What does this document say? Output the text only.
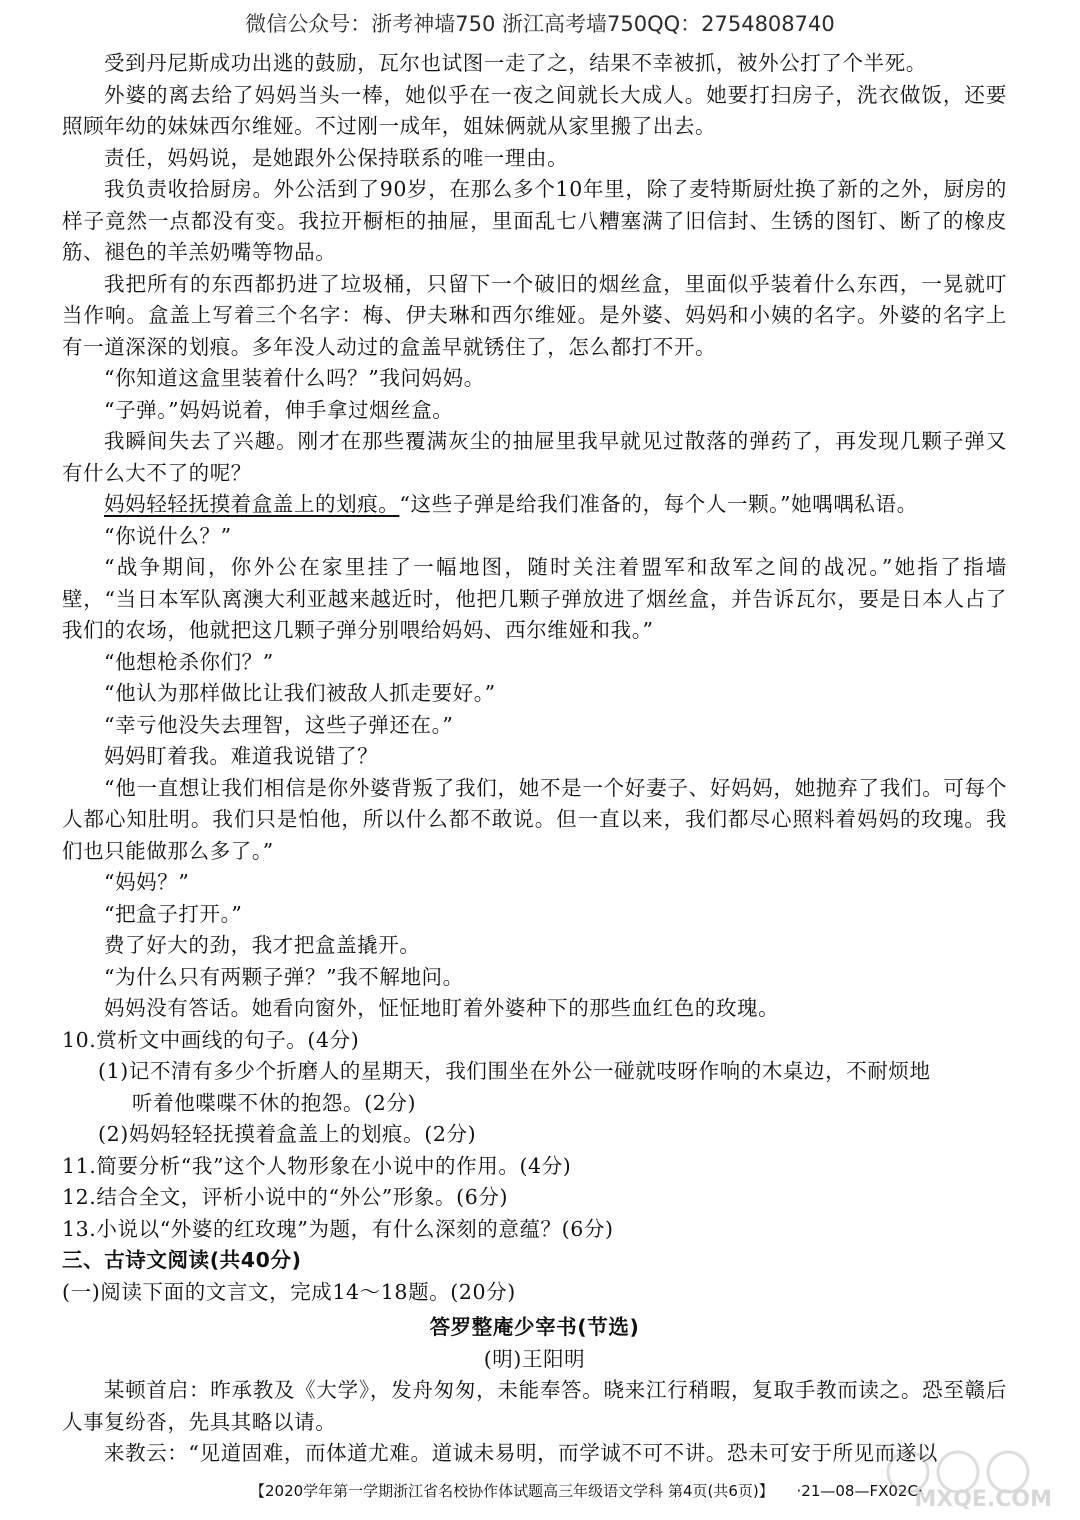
微信公众号：浙考神墙750 浙江高考墙750QQ：2754808740

受到丹尼斯成功出逃的鼓励，瓦尔也试图一走了之，结果不幸被抓，被外公打了个半死。

外婆的离去给了妈妈当头一棒，她似乎在一夜之间就长大成人。她要打扫房子，洗衣做饭，还要照顾年幼的妹妹西尔维娅。不过刚一成年，姐妹俩就从家里搬了出去。

责任，妈妈说，是她跟外公保持联系的唯一理由。

我负责收拾厨房。外公活到了90岁，在那么多个10年里，除了麦特斯厨灶换了新的之外，厨房的样子竟然一点都没有变。我拉开橱柜的抽屉，里面乱七八糟塞满了旧信封、生锈的图钉、断了的橡皮筋、褪色的羊羔奶嘴等物品。

我把所有的东西都扔进了垃圾桶，只留下一个破旧的烟丝盒，里面似乎装着什么东西，一晃就叮当作响。盒盖上写着三个名字：梅、伊夫琳和西尔维娅。是外婆、妈妈和小姨的名字。外婆的名字上有一道深深的划痕。多年没人动过的盒盖早就锈住了，怎么都打不开。

“你知道这盒里装着什么吗？”我问妈妈。

“子弹。”妈妈说着，伸手拿过烟丝盒。

我瞬间失去了兴趣。刚才在那些覆满灰尘的抽屉里我早就见过散落的弹药了，再发现几颗子弹又有什么大不了的呢？

妈妈轻轻抚摸着盒盖上的划痕。“这些子弹是给我们准备的，每个人一颗。”她喁喁私语。

“你说什么？”

“战争期间，你外公在家里挂了一幅地图，随时关注着盟军和敌军之间的战况。”她指了指墙壁，“当日本军队离澳大利亚越来越近时，他把几颗子弹放进了烟丝盒，并告诉瓦尔，要是日本人占了我们的农场，他就把这几颗子弹分别喂给妈妈、西尔维娅和我。”

“他想枪杀你们？”

“他认为那样做比让我们被敌人抓走要好。”

“幸亏他没失去理智，这些子弹还在。”

妈妈盯着我。难道我说错了？

“他一直想让我们相信是你外婆背叛了我们，她不是一个好妻子、好妈妈，她抛弃了我们。可每个人都心知肚明。我们只是怕他，所以什么都不敢说。但一直以来，我们都尽心照料着妈妈的玫瑰。我们也只能做那么多了。”

“妈妈？”

“把盒子打开。”

费了好大的劲，我才把盒盖撬开。

“为什么只有两颗子弹？”我不解地问。

妈妈没有答话。她看向窗外，怔怔地盯着外婆种下的那些血红色的玫瑰。

10.赏析文中画线的句子。(4分)

(1)记不清有多少个折磨人的星期天，我们围坐在外公一碰就吱呀作响的木桌边，不耐烦地

听着他喋喋不休的抱怨。(2分)

(2)妈妈轻轻抚摸着盒盖上的划痕。(2分)

11.简要分析“我”这个人物形象在小说中的作用。(4分)

12.结合全文，评析小说中的“外公”形象。(6分)

13.小说以“外婆的红玫瑰”为题，有什么深刻的意蕴？(6分)

三、古诗文阅读(共40分)

(一)阅读下面的文言文，完成14～18题。(20分)

答罗整庵少宰书(节选)

(明)王阳明

某顿首启：昨承教及《大学》，发舟匆匆，未能奉答。晓来江行稍暇，复取手教而读之。恐至赣后人事复纷沓，先具其略以请。

来教云：“见道固难，而体道尤难。道诚未易明，而学诚不可不讲。恐未可安于所见而遂以

【2020学年第一学期浙江省名校协作体试题高三年级语文学科 第4页(共6页)】 ·21—08—FX02C·
MXQE.COM
